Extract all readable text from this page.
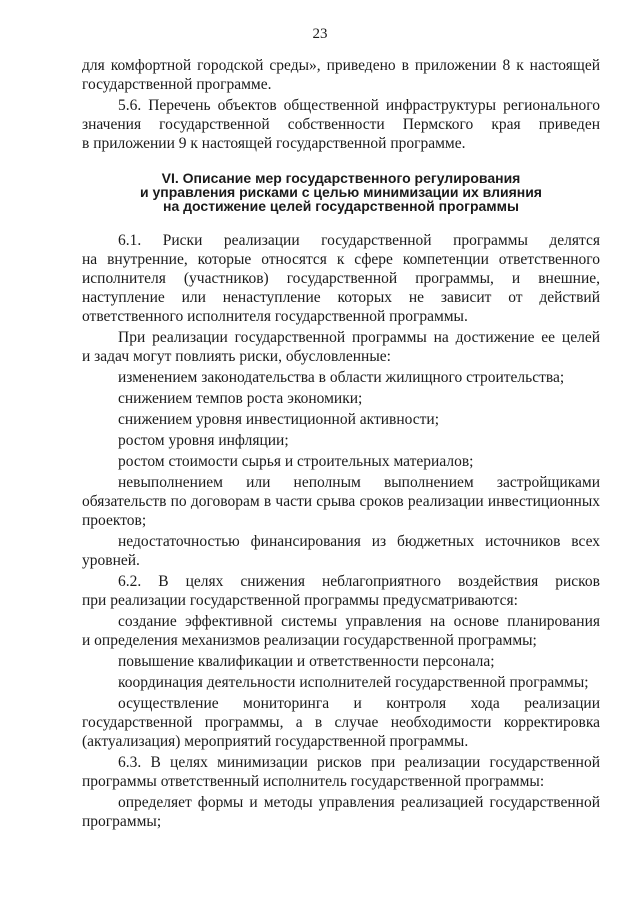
23

для комфортной городской среды», приведено в приложении 8 к настоящей

государственной программе.

5.6. Перечень объектов общественной инфраструктуры регионального

значения государственной собственности Пермского края приведен

в приложении 9 к настоящей государственной программе.

VI. Описание мер государственного регулирования
и управления рисками с целью минимизации их влияния
на достижение целей государственной программы

6.1. Риски реализации государственной программы делятся

на внутренние, которые относятся к сфере компетенции ответственного

исполнителя (участников) государственной программы, и внешние,

наступление или ненаступление которых не зависит от действий

ответственного исполнителя государственной программы.

При реализации государственной программы на достижение ее целей

и задач могут повлиять риски, обусловленные:

изменением законодательства в области жилищного строительства;

снижением темпов роста экономики;

снижением уровня инвестиционной активности;

ростом уровня инфляции;

ростом стоимости сырья и строительных материалов;

невыполнением или неполным выполнением застройщиками

обязательств по договорам в части срыва сроков реализации инвестиционных

проектов;

недостаточностью финансирования из бюджетных источников всех

уровней.

6.2. В целях снижения неблагоприятного воздействия рисков

при реализации государственной программы предусматриваются:

создание эффективной системы управления на основе планирования

и определения механизмов реализации государственной программы;

повышение квалификации и ответственности персонала;

координация деятельности исполнителей государственной программы;

осуществление мониторинга и контроля хода реализации

государственной программы, а в случае необходимости корректировка

(актуализация) мероприятий государственной программы.

6.3. В целях минимизации рисков при реализации государственной

программы ответственный исполнитель государственной программы:

определяет формы и методы управления реализацией государственной

программы;
